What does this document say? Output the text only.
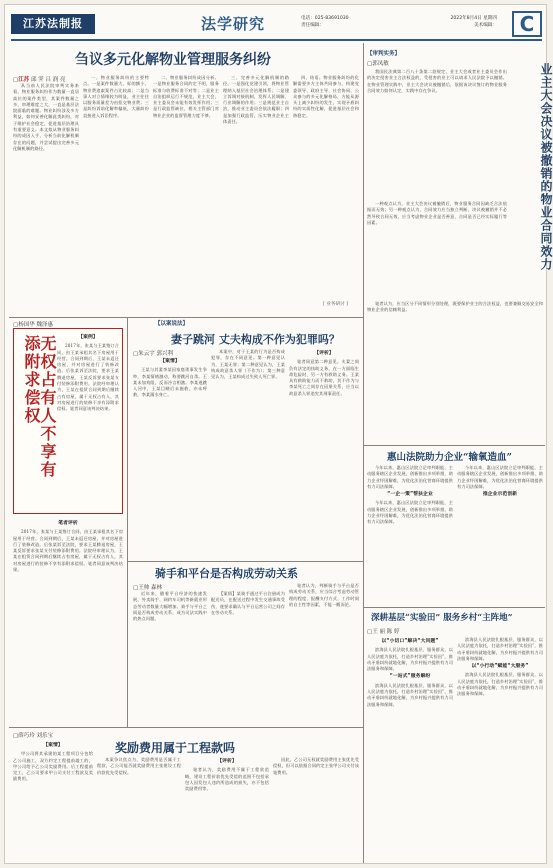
江苏法制报	法学研究	电话：025-83691030	2022年8月4日 星期四
责任编辑：	美术编辑：	C
刍议多元化解物业管理服务纠纷
▢江苏 邱 霁 吕 润 亮

从当前人民法院审判实务来看，物业服务纠纷作为数量一直居高位的案件类型，其案件数量之多、审理难度之大，一直是基层法院面临的难题。物业纠纷涉及多方利益，如何妥善化解此类纠纷，对于维护社会稳定、促进基层治理具有重要意义。本文拟从物业服务纠纷的成因入手，分析当前化解机制存在的问题，并尝试提出完善多元化解机制的路径。

一、物业服务纠纷的主要特点。一是案件数量大、标的额小，物业费追索案件占比较高；二是当事人对立情绪较为明显，业主往往以服务质量差为由拒交物业费；三是纠纷诉前化解率偏低，大量纠纷直接进入诉讼程序。

二、物业服务纠纷成因分析。一是物业服务合同约定不明，服务标准与收费标准不对等；二是业主自治组织运行不规范，业主大会、业主委员会未能有效发挥作用；三是行政监管缺位，相关主管部门对物业企业的监督管理力度不够。

三、完善多元化解机制的路径。一是强化党建引领，将物业管理纳入基层社会治理体系；二是建立诉调对接机制，发挥人民调解、行业调解的作用；三是规范业主自治，推动业主委员会依法履职；四是加强行政监管，压实物业企业主体责任。

四、结语。物业服务纠纷的化解需要多方主体共同参与，构建党委领导、政府主导、社会协同、公众参与的多元化解格局，方能从源头上减少纠纷的发生，实现矛盾纠纷的实质性化解，促进基层社会和谐稳定。

[ 业务研讨 ]
【审判实务】
▢郭凤敏	业主大会决议被撤销的物业合同效力

我国民法典第二百八十条第二款规定，业主大会或者业主委员会作出的决定侵害业主合法权益的，受侵害的业主可以请求人民法院予以撤销。在物业管理实践中，业主大会决议被撤销后，依据该决议签订的物业服务合同效力如何认定，实践中存在争议。

一种观点认为，业主大会决议被撤销后，物业服务合同因缺乏合法依据而无效；另一种观点认为，合同效力应当独立判断，决议被撤销并不必然导致合同无效，应当考虑物业企业是否善意、合同是否已经实际履行等因素。

笔者认为，应当区分不同情形分别处理，既要保护业主的合法权益，也要兼顾交易安全和物业企业的信赖利益。

▢杨国华 魏泽惠
无权占有人不享有添附求偿权	【案例】

2017年，张某与王某签订合同，由王某承租其名下房屋用于经营。合同到期后，王某未返还房屋，并对房屋进行了装修改造。后张某诉至法院，要求王某腾退房屋，王某反诉要求张某支付装修添附费用。法院经审理认为，王某在租赁合同到期后继续占有房屋，属于无权占有人，其对房屋进行的装修不享有添附求偿权。笔者同意该判决结果。

笔者评析

2017年，张某与王某签订合同，由王某承租其名下房屋用于经营。合同到期后，王某未返还房屋，并对房屋进行了装修改造。后张某诉至法院，要求王某腾退房屋，王某反诉要求张某支付装修添附费用。法院经审理认为，王某在租赁合同到期后继续占有房屋，属于无权占有人，其对房屋进行的装修不享有添附求偿权。笔者同意该判决结果。

【以案说法】
妻子跳河 丈夫构成不作为犯罪吗？
▢朱云宇 郭兴利
【案情】

王某与其妻李某因家庭琐事发生争吵，李某情绪激动，称要跳河自杀。王某未加劝阻，反而冷言相激。李某遂跳入河中，王某目睹后未施救，亦未呼救，李某溺水身亡。

本案中，对于王某的行为是否构成犯罪，存在不同意见。第一种意见认为，王某无罪；第二种意见认为，王某构成故意杀人罪（不作为）；第三种意见认为，王某构成过失致人死亡罪。

【评析】

笔者同意第二种意见。夫妻之间负有法定的扶助义务，在一方面临生命危险时，另一方有救助义务。王某具有救助能力而不救助，其不作为与李某死亡之间存在因果关系，应当以故意杀人罪追究其刑事责任。

骑手和平台是否构成劳动关系
▢王帅 森林

近年来，随着平台经济的快速发展，外卖骑手、网约车司机等新就业形态劳动者数量大幅增加。骑手与平台之间是否构成劳动关系，成为司法实践中的热点问题。

【案情】某骑手通过平台注册成为配送员，在配送过程中发生交通事故受伤，遂要求确认与平台运营公司之间存在劳动关系。

笔者认为，判断骑手与平台是否构成劳动关系，应当综合考虑劳动管理的程度、报酬支付方式、工作时间的自主性等因素，不能一概而论。

惠山法院助力企业“输氧造血”

今年以来，惠山区法院立足审判职能，主动服务辖区企业发展，创新推出多项举措，助力企业纾困解难，为优化法治化营商环境提供有力司法保障。

“一企一策”帮扶企业

今年以来，惠山区法院立足审判职能，主动服务辖区企业发展，创新推出多项举措，助力企业纾困解难，为优化法治化营商环境提供有力司法保障。

今年以来，惠山区法院立足审判职能，主动服务辖区企业发展，创新推出多项举措，助力企业纾困解难，为优化法治化营商环境提供有力司法保障。

推企业示范创新
深耕基层“实验田” 服务乡村“主阵地”
▢王 丽 陈 婷
以“小切口”解决“大问题”

滨海县人民法院扎根基层、服务群众，以人民法庭为依托，打造乡村治理“实验田”，推动矛盾纠纷就地化解，为乡村振兴提供有力司法服务和保障。

“一站式”服务解纷

滨海县人民法院扎根基层、服务群众，以人民法庭为依托，打造乡村治理“实验田”，推动矛盾纠纷就地化解，为乡村振兴提供有力司法服务和保障。

滨海县人民法院扎根基层、服务群众，以人民法庭为依托，打造乡村治理“实验田”，推动矛盾纠纷就地化解，为乡村振兴提供有力司法服务和保障。

以“小行动”赋能“大服务”

滨海县人民法院扎根基层、服务群众，以人民法庭为依托，打造乡村治理“实验田”，推动矛盾纠纷就地化解，为乡村振兴提供有力司法服务和保障。

▢薛巧玲 刘乐宝
奖励费用属于工程款吗
【案情】

甲公司将其承建的某工程项目分包给乙公司施工，双方约定工程提前竣工的，甲公司给予乙公司奖励费用。后工程提前完工，乙公司要求甲公司支付工程款及奖励费用。

本案争议焦点为，奖励费用是否属于工程款，乙公司能否就奖励费用主张建设工程价款优先受偿权。

【评析】

笔者认为，奖励费用不属于工程款范畴，建设工程价款优先受偿的范围不包括承包人因发包人违约所造成的损失，亦不包括奖励费用等。

因此，乙公司无权就奖励费用主张优先受偿权，但可以依据合同约定主张甲公司支付该笔费用。
